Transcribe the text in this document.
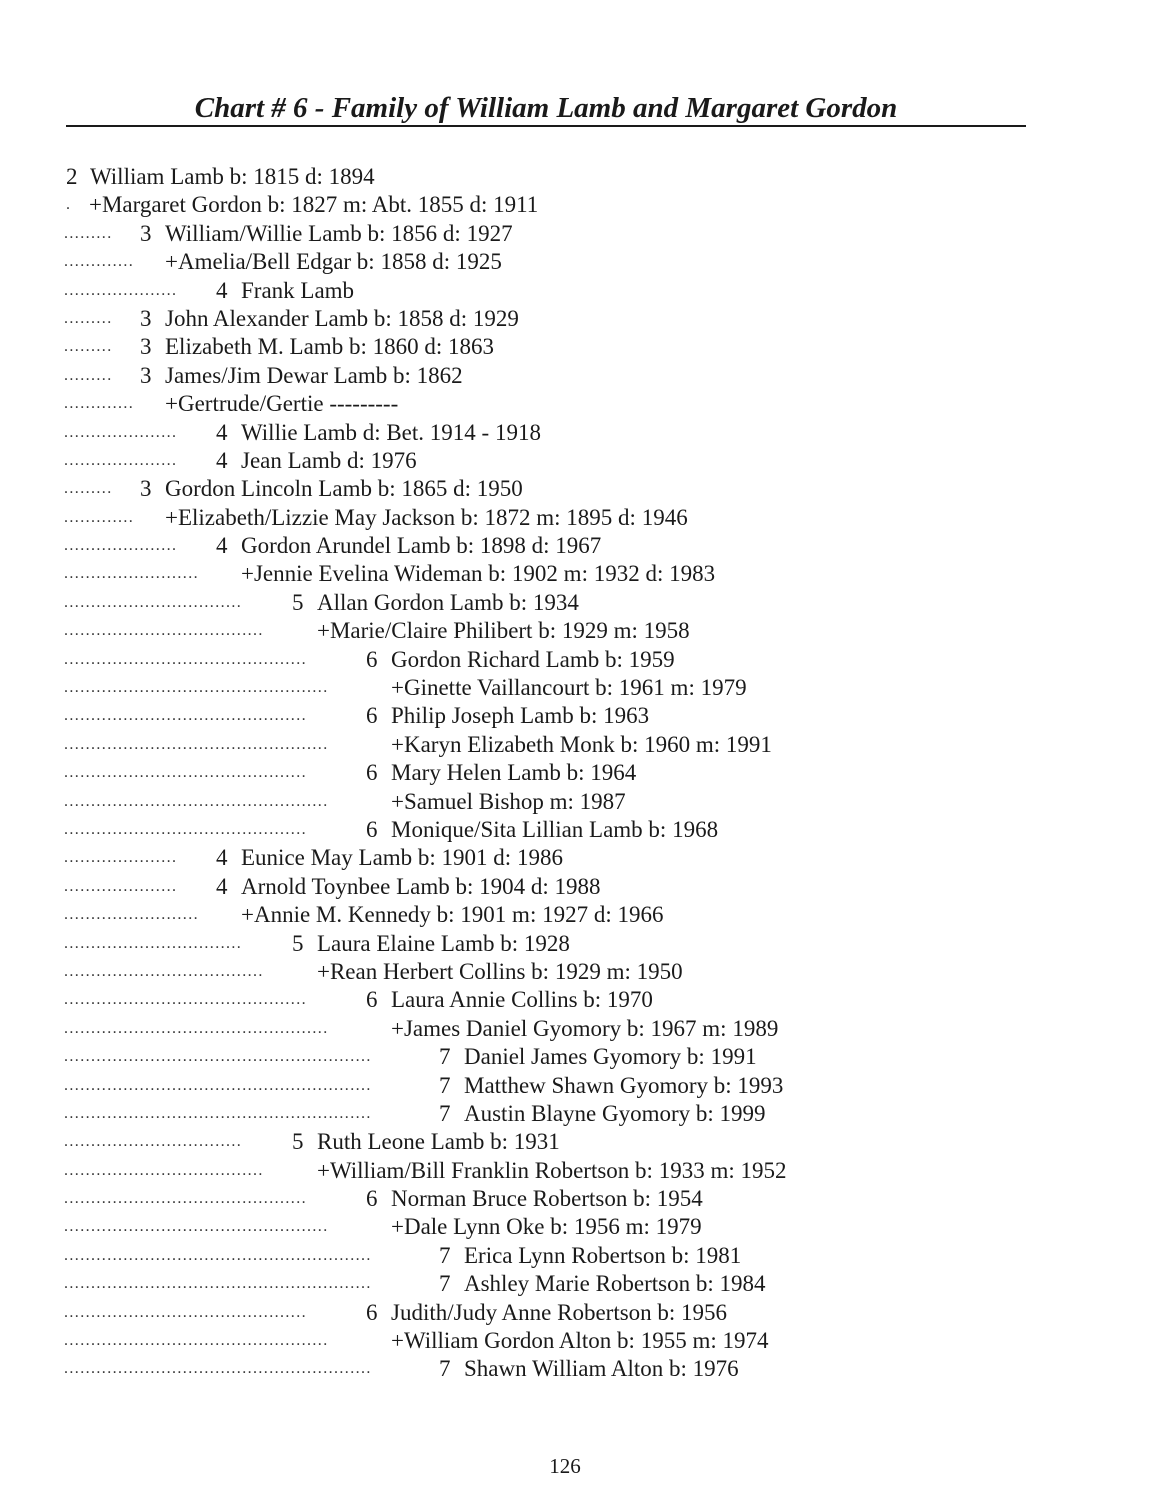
Chart # 6 - Family of William Lamb and Margaret Gordon
2 William Lamb b: 1815 d: 1894
. +Margaret Gordon b: 1827 m: Abt. 1855 d: 1911
......... 3 William/Willie Lamb b: 1856 d: 1927
............. +Amelia/Bell Edgar b: 1858 d: 1925
..................... 4 Frank Lamb
......... 3 John Alexander Lamb b: 1858 d: 1929
......... 3 Elizabeth M. Lamb b: 1860 d: 1863
......... 3 James/Jim Dewar Lamb b: 1862
............. +Gertrude/Gertie ---------
..................... 4 Willie Lamb d: Bet. 1914 - 1918
..................... 4 Jean Lamb d: 1976
......... 3 Gordon Lincoln Lamb b: 1865 d: 1950
............. +Elizabeth/Lizzie May Jackson b: 1872 m: 1895 d: 1946
..................... 4 Gordon Arundel Lamb b: 1898 d: 1967
......................... +Jennie Evelina Wideman b: 1902 m: 1932 d: 1983
................................. 5 Allan Gordon Lamb b: 1934
..................................... +Marie/Claire Philibert b: 1929 m: 1958
.............................................	6 Gordon Richard Lamb b: 1959
.................................................	+Ginette Vaillancourt b: 1961 m: 1979
.............................................	6 Philip Joseph Lamb b: 1963
.................................................	+Karyn Elizabeth Monk b: 1960 m: 1991
.............................................	6 Mary Helen Lamb b: 1964
.................................................	+Samuel Bishop m: 1987
.............................................	6 Monique/Sita Lillian Lamb b: 1968
..................... 4 Eunice May Lamb b: 1901 d: 1986
..................... 4 Arnold Toynbee Lamb b: 1904 d: 1988
......................... +Annie M. Kennedy b: 1901 m: 1927 d: 1966
................................. 5 Laura Elaine Lamb b: 1928
..................................... +Rean Herbert Collins b: 1929 m: 1950
.............................................	6 Laura Annie Collins b: 1970
.................................................	+James Daniel Gyomory b: 1967 m: 1989
.........................................................	7 Daniel James Gyomory b: 1991
.........................................................	7 Matthew Shawn Gyomory b: 1993
.........................................................	7 Austin Blayne Gyomory b: 1999
................................. 5 Ruth Leone Lamb b: 1931
..................................... +William/Bill Franklin Robertson b: 1933 m: 1952
.............................................	6 Norman Bruce Robertson b: 1954
.................................................	+Dale Lynn Oke b: 1956 m: 1979
.........................................................	7 Erica Lynn Robertson b: 1981
.........................................................	7 Ashley Marie Robertson b: 1984
.............................................	6 Judith/Judy Anne Robertson b: 1956
.................................................	+William Gordon Alton b: 1955 m: 1974
.........................................................	7 Shawn William Alton b: 1976
126
